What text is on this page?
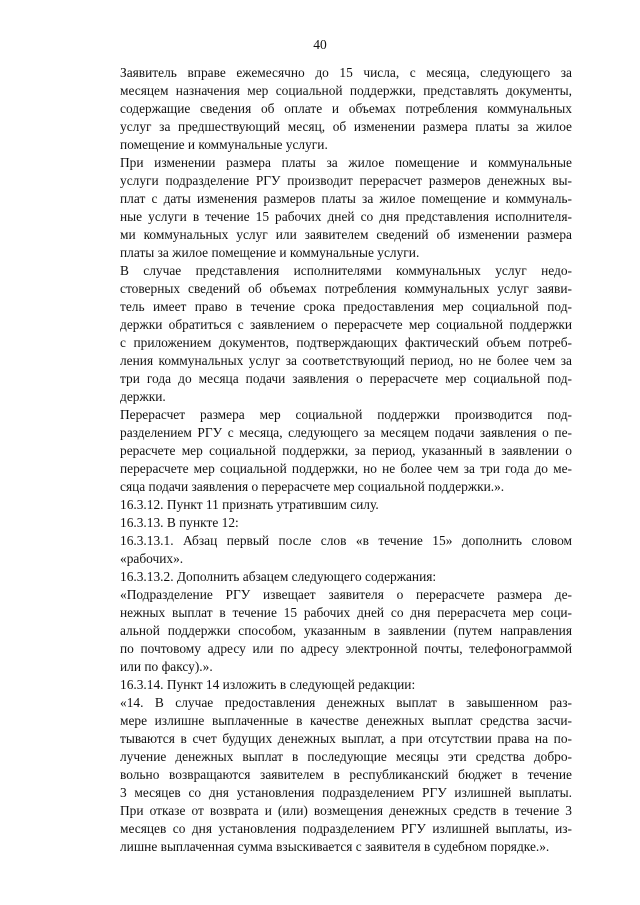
40

Заявитель вправе ежемесячно до 15 числа, с месяца, следующего за
месяцем назначения мер социальной поддержки, представлять документы,
содержащие сведения об оплате и объемах потребления коммунальных
услуг за предшествующий месяц, об изменении размера платы за жилое
помещение и коммунальные услуги.

При изменении размера платы за жилое помещение и коммунальные
услуги подразделение РГУ производит перерасчет размеров денежных вы-
плат с даты изменения размеров платы за жилое помещение и коммуналь-
ные услуги в течение 15 рабочих дней со дня представления исполнителя-
ми коммунальных услуг или заявителем сведений об изменении размера
платы за жилое помещение и коммунальные услуги.

В случае представления исполнителями коммунальных услуг недо-
стоверных сведений об объемах потребления коммунальных услуг заяви-
тель имеет право в течение срока предоставления мер социальной под-
держки обратиться с заявлением о перерасчете мер социальной поддержки
с приложением документов, подтверждающих фактический объем потреб-
ления коммунальных услуг за соответствующий период, но не более чем за
три года до месяца подачи заявления о перерасчете мер социальной под-
держки.

Перерасчет размера мер социальной поддержки производится под-
разделением РГУ с месяца, следующего за месяцем подачи заявления о пе-
рерасчете мер социальной поддержки, за период, указанный в заявлении о
перерасчете мер социальной поддержки, но не более чем за три года до ме-
сяца подачи заявления о перерасчете мер социальной поддержки.».

16.3.12. Пункт 11 признать утратившим силу.

16.3.13. В пункте 12:

16.3.13.1. Абзац первый после слов «в течение 15» дополнить словом
«рабочих».

16.3.13.2. Дополнить абзацем следующего содержания:

«Подразделение РГУ извещает заявителя о перерасчете размера де-
нежных выплат в течение 15 рабочих дней со дня перерасчета мер соци-
альной поддержки способом, указанным в заявлении (путем направления
по почтовому адресу или по адресу электронной почты, телефонограммой
или по факсу).».

16.3.14. Пункт 14 изложить в следующей редакции:

«14. В случае предоставления денежных выплат в завышенном раз-
мере излишне выплаченные в качестве денежных выплат средства засчи-
тываются в счет будущих денежных выплат, а при отсутствии права на по-
лучение денежных выплат в последующие месяцы эти средства добро-
вольно возвращаются заявителем в республиканский бюджет в течение
3 месяцев со дня установления подразделением РГУ излишней выплаты.
При отказе от возврата и (или) возмещения денежных средств в течение 3
месяцев со дня установления подразделением РГУ излишней выплаты, из-
лишне выплаченная сумма взыскивается с заявителя в судебном порядке.».
